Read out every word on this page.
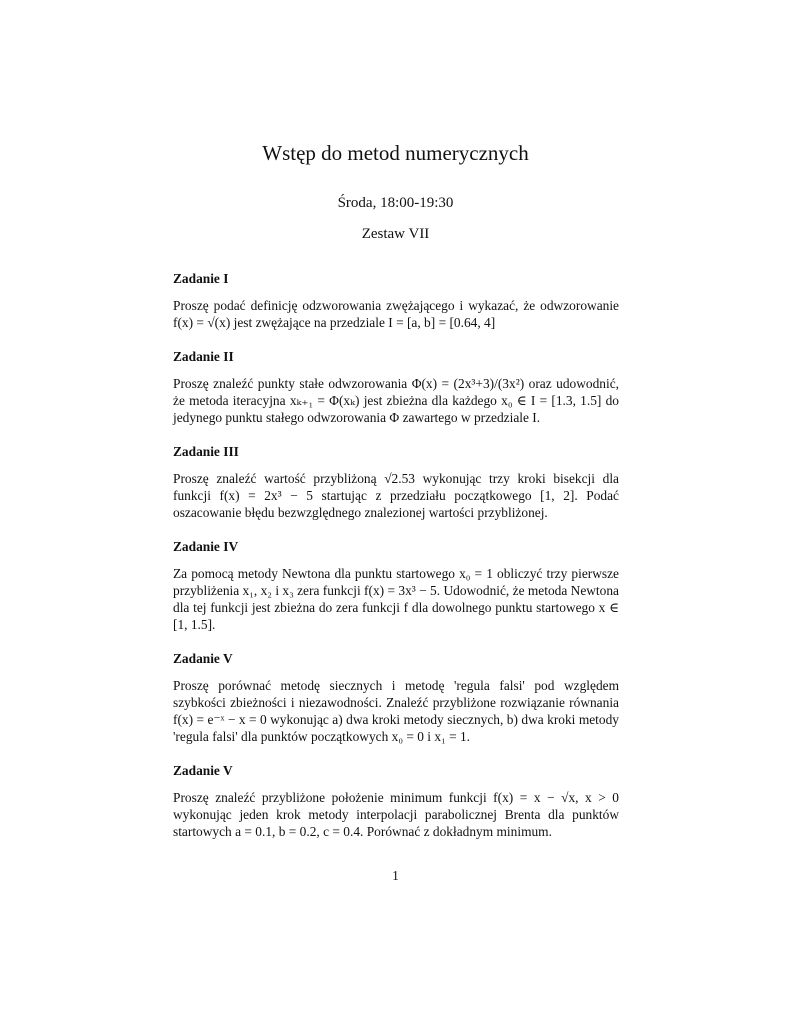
Wstęp do metod numerycznych
Środa, 18:00-19:30
Zestaw VII
Zadanie I

Proszę podać definicję odzworowania zwężającego i wykazać, że odwzorowanie f(x) = √(x) jest zwężające na przedziale I = [a, b] = [0.64, 4]

Zadanie II

Proszę znaleźć punkty stałe odwzorowania Φ(x) = (2x³+3)/(3x²) oraz udowodnić, że metoda iteracyjna xₖ₊₁ = Φ(xₖ) jest zbieżna dla każdego x₀ ∈ I = [1.3, 1.5] do jedynego punktu stałego odwzorowania Φ zawartego w przedziale I.

Zadanie III

Proszę znaleźć wartość przybliżoną √2.53 wykonując trzy kroki bisekcji dla funkcji f(x) = 2x³ − 5 startując z przedziału początkowego [1, 2]. Podać oszacowanie błędu bezwzględnego znalezionej wartości przybliżonej.

Zadanie IV

Za pomocą metody Newtona dla punktu startowego x₀ = 1 obliczyć trzy pierwsze przybliżenia x₁, x₂ i x₃ zera funkcji f(x) = 3x³ − 5. Udowodnić, że metoda Newtona dla tej funkcji jest zbieżna do zera funkcji f dla dowolnego punktu startowego x ∈ [1, 1.5].

Zadanie V

Proszę porównać metodę siecznych i metodę 'regula falsi' pod względem szybkości zbieżności i niezawodności. Znaleźć przybliżone rozwiązanie równania f(x) = e⁻ˣ − x = 0 wykonując a) dwa kroki metody siecznych, b) dwa kroki metody 'regula falsi' dla punktów początkowych x₀ = 0 i x₁ = 1.

Zadanie V

Proszę znaleźć przybliżone położenie minimum funkcji f(x) = x − √x, x > 0 wykonując jeden krok metody interpolacji parabolicznej Brenta dla punktów startowych a = 0.1, b = 0.2, c = 0.4. Porównać z dokładnym minimum.

1
